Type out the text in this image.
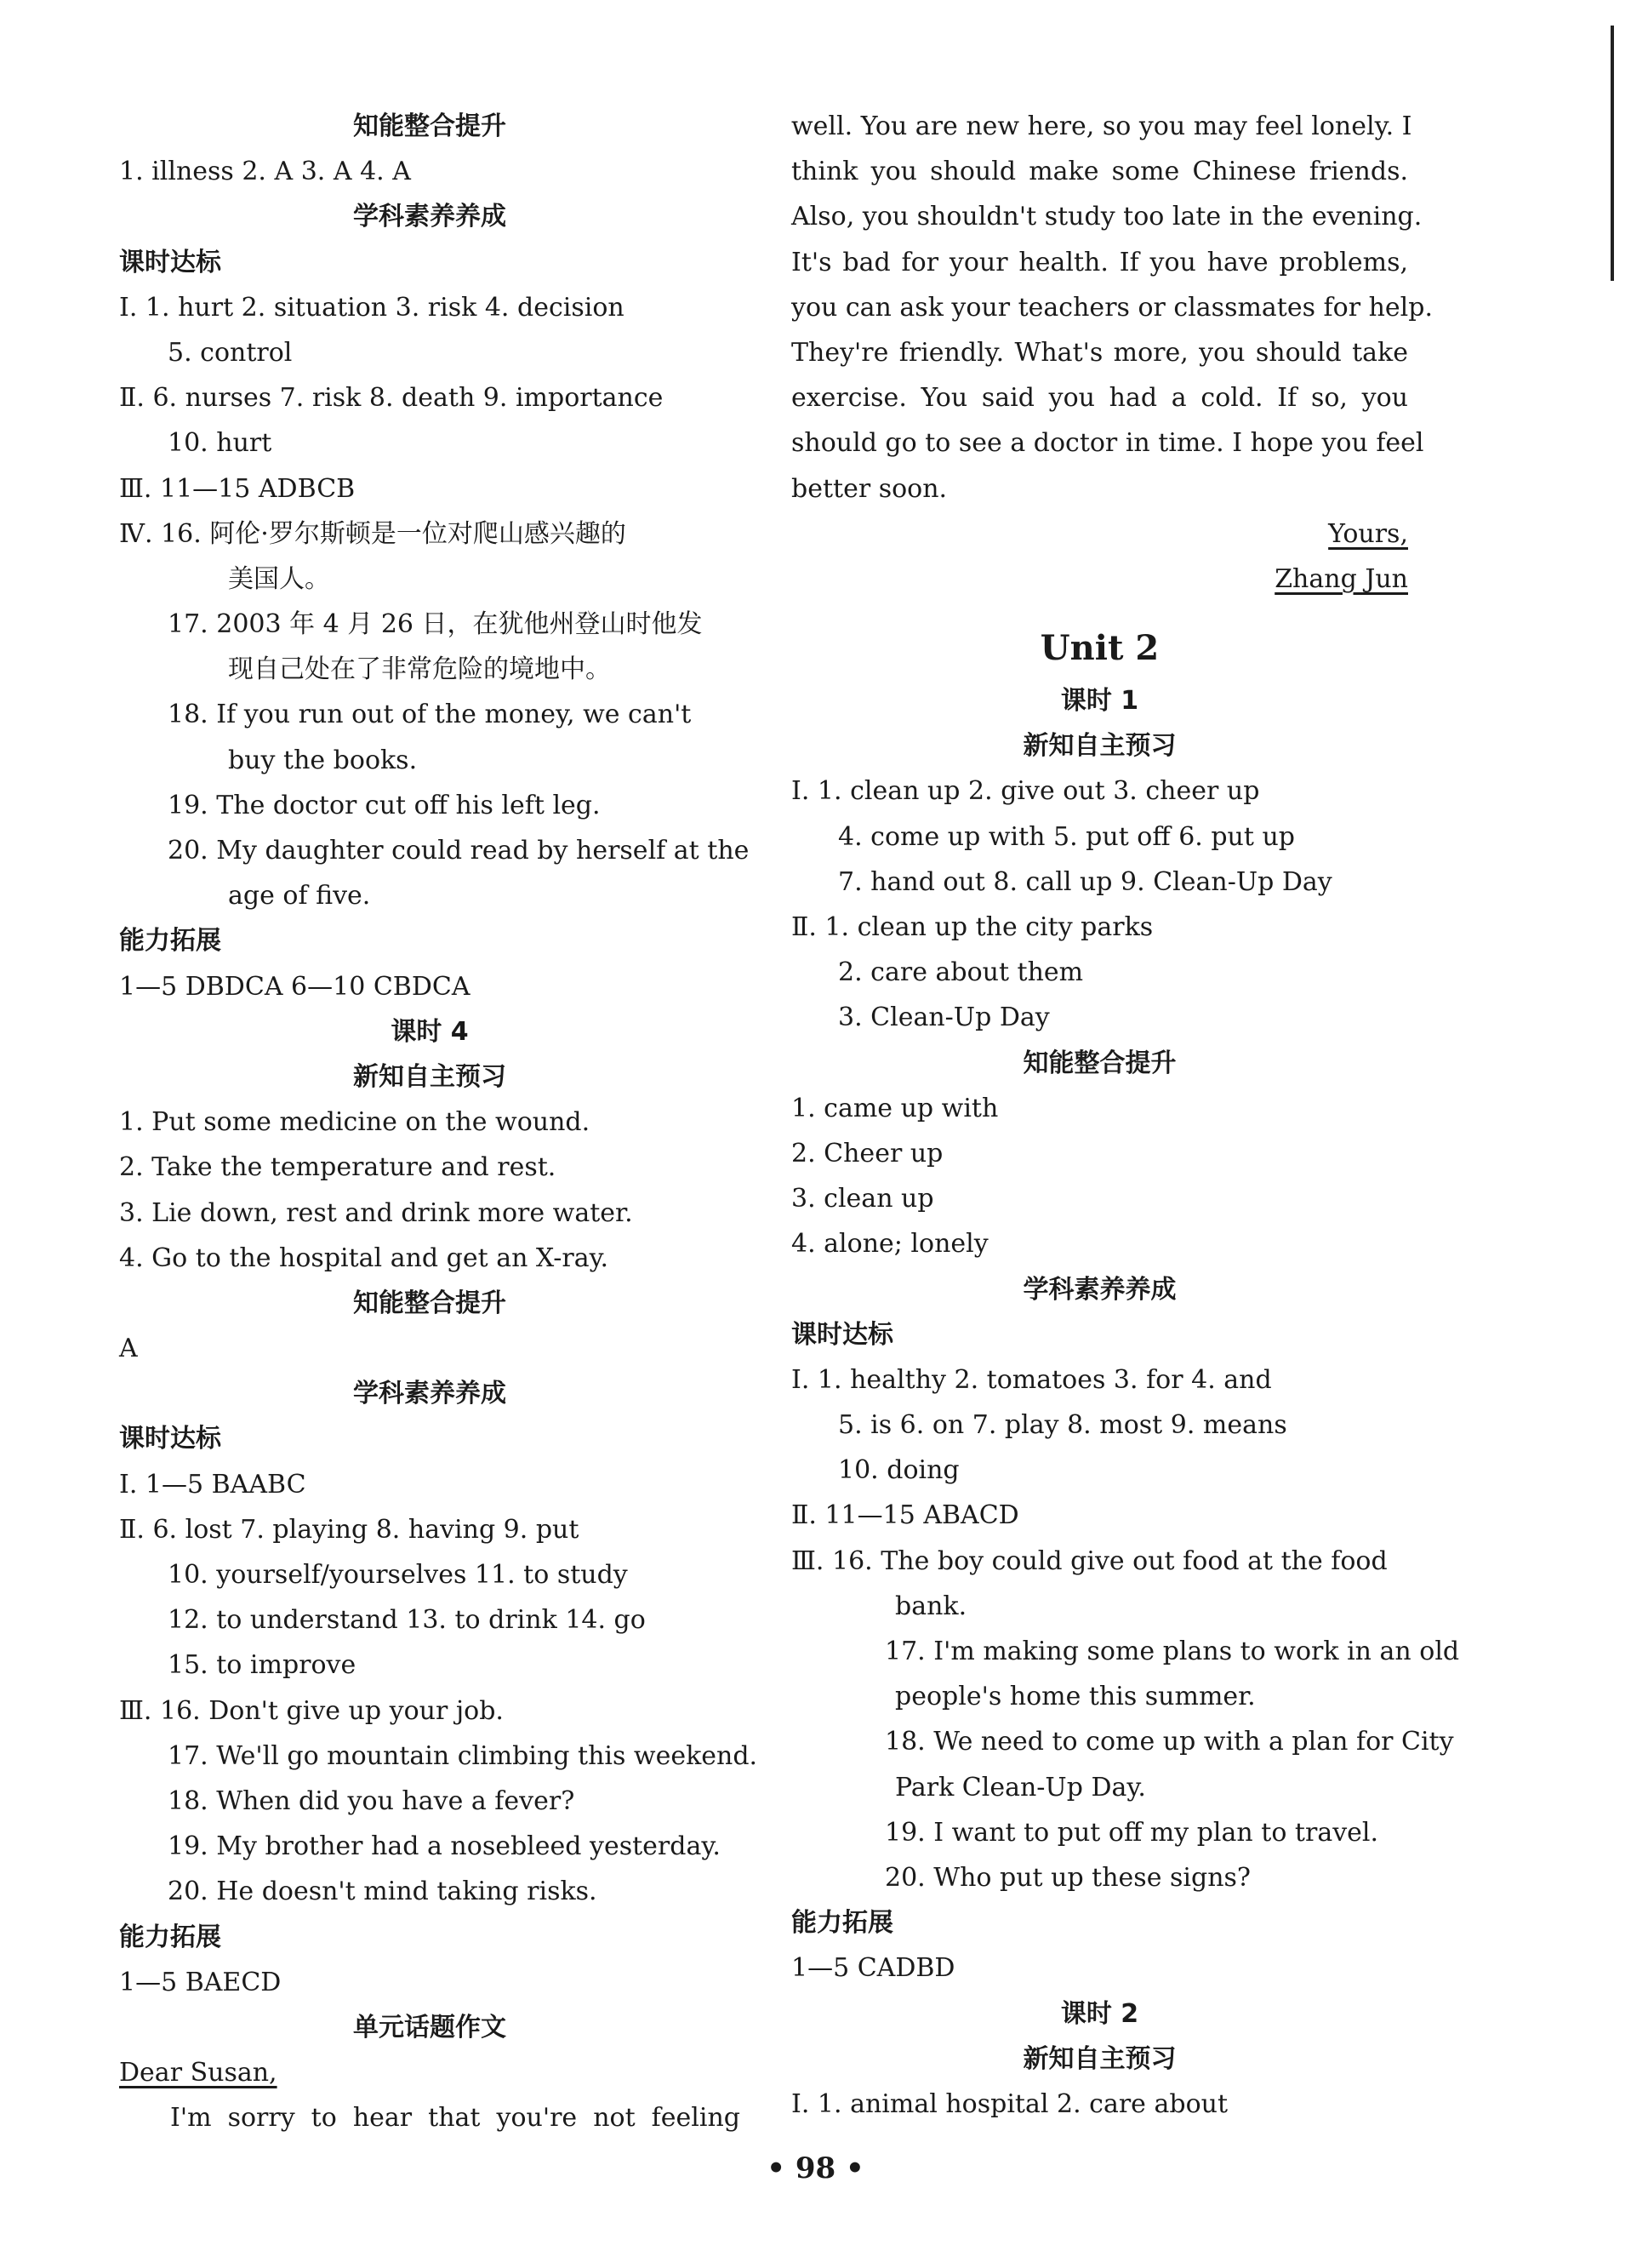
知能整合提升
1. illness 2. A 3. A 4. A
学科素养养成
课时达标
Ⅰ. 1. hurt 2. situation 3. risk 4. decision
5. control
Ⅱ. 6. nurses 7. risk 8. death 9. importance
10. hurt
Ⅲ. 11—15 ADBCB
Ⅳ. 16. 阿伦·罗尔斯顿是一位对爬山感兴趣的
美国人。
17. 2003 年 4 月 26 日，在犹他州登山时他发
现自己处在了非常危险的境地中。
18. If you run out of the money, we can't
buy the books.
19. The doctor cut off his left leg.
20. My daughter could read by herself at the
age of five.
能力拓展
1—5 DBDCA 6—10 CBDCA
课时 4
新知自主预习
1. Put some medicine on the wound.
2. Take the temperature and rest.
3. Lie down, rest and drink more water.
4. Go to the hospital and get an X-ray.
知能整合提升
A
学科素养养成
课时达标
Ⅰ. 1—5 BAABC
Ⅱ. 6. lost 7. playing 8. having 9. put
10. yourself/yourselves 11. to study
12. to understand 13. to drink 14. go
15. to improve
Ⅲ. 16. Don't give up your job.
17. We'll go mountain climbing this weekend.
18. When did you have a fever?
19. My brother had a nosebleed yesterday.
20. He doesn't mind taking risks.
能力拓展
1—5 BAECD
单元话题作文
Dear Susan,
I'm sorry to hear that you're not feeling
well. You are new here, so you may feel lonely. I
think you should make some Chinese friends.
Also, you shouldn't study too late in the evening.
It's bad for your health. If you have problems,
you can ask your teachers or classmates for help.
They're friendly. What's more, you should take
exercise. You said you had a cold. If so, you
should go to see a doctor in time. I hope you feel
better soon.
Yours,
Zhang Jun
Unit 2
课时 1
新知自主预习
Ⅰ. 1. clean up 2. give out 3. cheer up
4. come up with 5. put off 6. put up
7. hand out 8. call up 9. Clean-Up Day
Ⅱ. 1. clean up the city parks
2. care about them
3. Clean-Up Day
知能整合提升
1. came up with
2. Cheer up
3. clean up
4. alone; lonely
学科素养养成
课时达标
Ⅰ. 1. healthy 2. tomatoes 3. for 4. and
5. is 6. on 7. play 8. most 9. means
10. doing
Ⅱ. 11—15 ABACD
Ⅲ. 16. The boy could give out food at the food
bank.
17. I'm making some plans to work in an old
people's home this summer.
18. We need to come up with a plan for City
Park Clean-Up Day.
19. I want to put off my plan to travel.
20. Who put up these signs?
能力拓展
1—5 CADBD
课时 2
新知自主预习
Ⅰ. 1. animal hospital 2. care about
• 98 •
